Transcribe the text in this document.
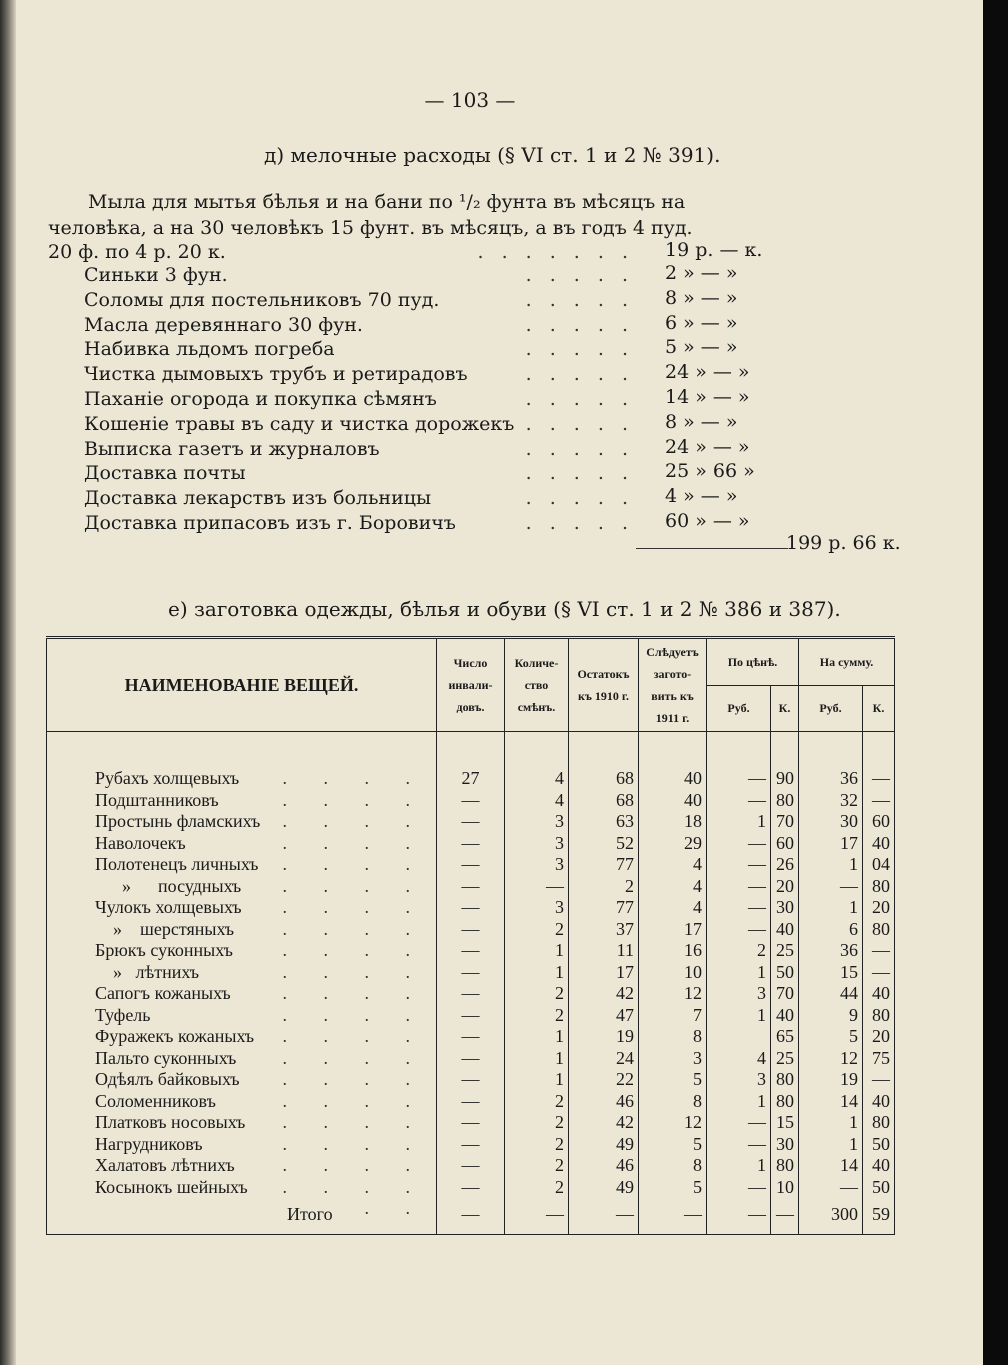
— 103 —
д) мелочные расходы (§ VI ст. 1 и 2 № 391).
Мыла для мытья бѣлья и на бани по ¹/₂ фунта въ мѣсяцъ на
человѣка, а на 30 человѣкъ 15 фунт. въ мѣсяцъ, а въ годъ 4 пуд.
20 ф. по 4 р. 20 к.	. . . . . . . 19 р. — к.
Синьки 3 фун.	. . . . . 2 » — »
Соломы для постельниковъ 70 пуд.	. . . . . 8 » — »
Масла деревяннаго 30 фун.	. . . . . 6 » — »
Набивка льдомъ погреба	. . . . . 5 » — »
Чистка дымовыхъ трубъ и ретирадовъ	. . . . . 24 » — »
Паханіе огорода и покупка сѣмянъ	. . . . . 14 » — »
Кошеніе травы въ саду и чистка дорожекъ . . . . . 8 » — »
Выписка газетъ и журналовъ	. . . . . 24 » — »
Доставка почты	. . . . . 25 » 66 »
Доставка лекарствъ изъ больницы	. . . . . 4 » — »
Доставка припасовъ изъ г. Боровичъ	. . . . . 60 » — »
199 р. 66 к.
е) заготовка одежды, бѣлья и обуви (§ VI ст. 1 и 2 № 386 и 387).
НАИМЕНОВАНІЕ ВЕЩЕЙ.	Число инвали- довъ.	Количе- ство смѣнъ.	Остатокъ къ 1910 г.	Слѣдуетъ загото- вить къ 1911 г.	По цѣнѣ.		На сумму.	
					Руб.	К.	Руб.	К.

Рубахъ холщевыхъ . . . .	27	4	68	40	—	90	36	—
Подштанниковъ . . . .	—	4	68	40	—	80	32	—
Простынь фламскихъ . . . .	—	3	63	18	1	70	30	60
Наволочекъ . . . .	—	3	52	29	—	60	17	40
Полотенецъ личныхъ . . . .	—	3	77	4	—	26	1	04
»      посудныхъ . . . .	—	—	2	4	—	20	—	80
Чулокъ холщевыхъ . . . .	—	3	77	4	—	30	1	20
»    шерстяныхъ . . . .	—	2	37	17	—	40	6	80
Брюкъ суконныхъ . . . .	—	1	11	16	2	25	36	—
»   лѣтнихъ . . . .	—	1	17	10	1	50	15	—
Сапогъ кожаныхъ . . . .	—	2	42	12	3	70	44	40
Туфель . . . .	—	2	47	7	1	40	9	80
Фуражекъ кожаныхъ . . . .	—	1	19	8		65	5	20
Пальто суконныхъ . . . .	—	1	24	3	4	25	12	75
Одѣялъ байковыхъ . . . .	—	1	22	5	3	80	19	—
Соломенниковъ . . . .	—	2	46	8	1	80	14	40
Платковъ носовыхъ . . . .	—	2	42	12	—	15	1	80
Нагрудниковъ . . . .	—	2	49	5	—	30	1	50
Халатовъ лѣтнихъ . . . .	—	2	46	8	1	80	14	40
Косынокъ шейныхъ . . . .	—	2	49	5	—	10	—	50
Итого . .	—	—	—	—	—	—	300	59
